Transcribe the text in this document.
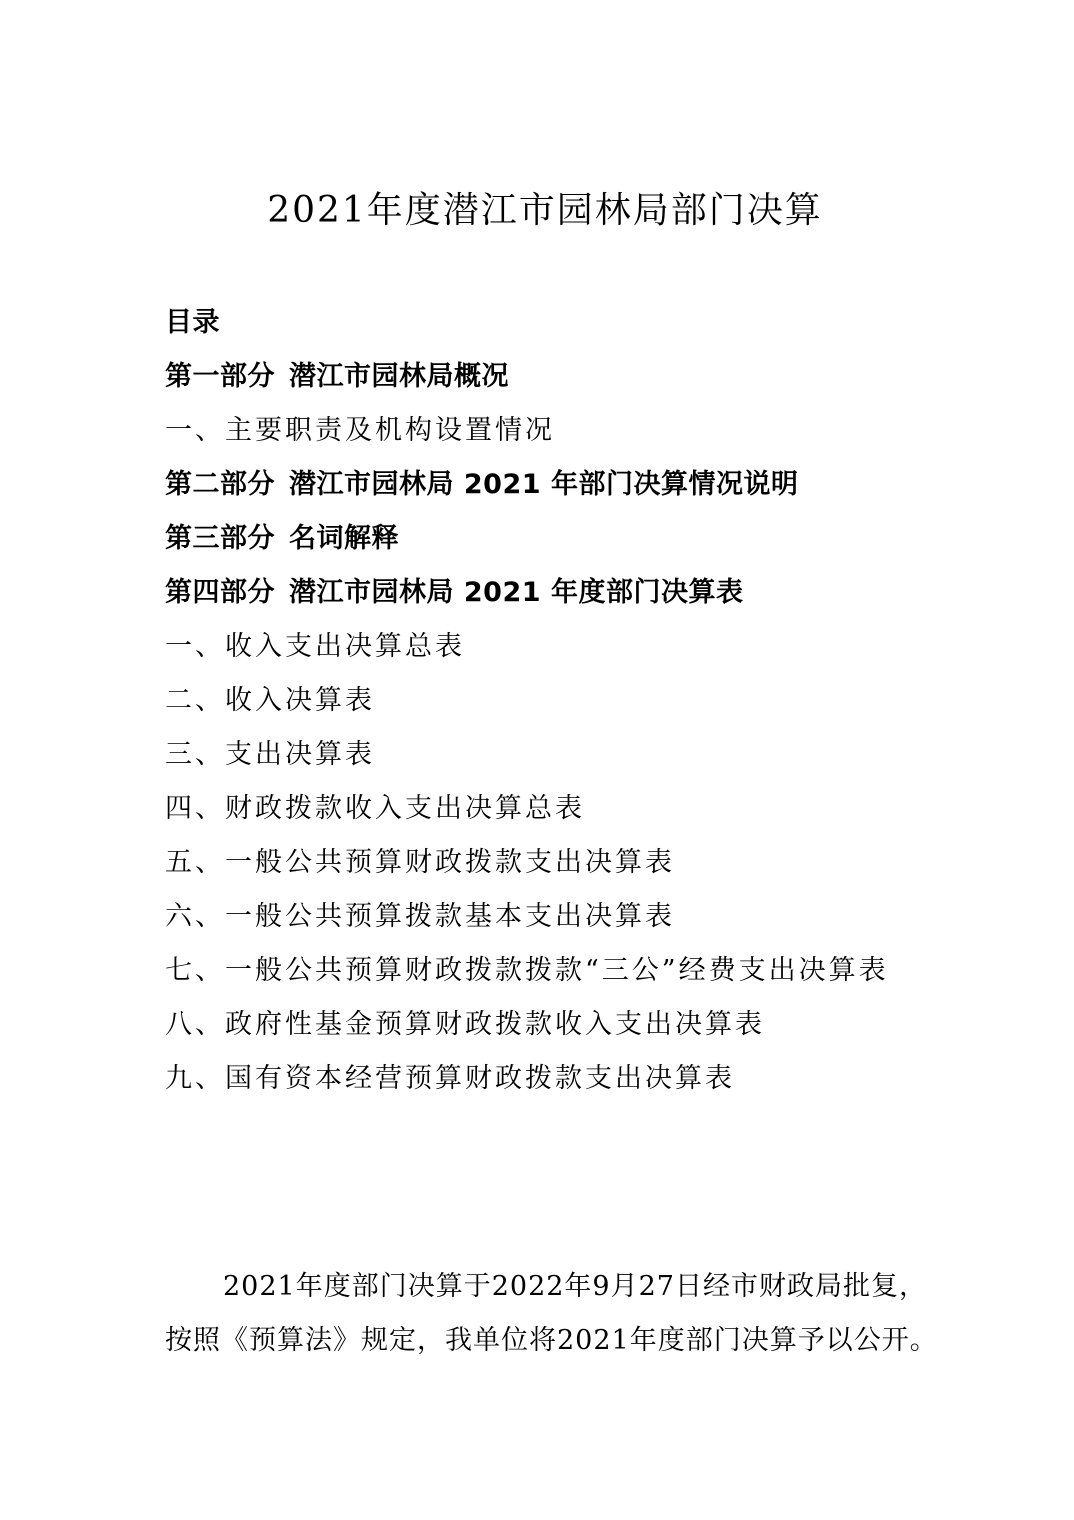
2021年度潜江市园林局部门决算
目录
第一部分 潜江市园林局概况
一、主要职责及机构设置情况
第二部分 潜江市园林局 2021 年部门决算情况说明
第三部分 名词解释
第四部分 潜江市园林局 2021 年度部门决算表
一、收入支出决算总表
二、收入决算表
三、支出决算表
四、财政拨款收入支出决算总表
五、一般公共预算财政拨款支出决算表
六、一般公共预算拨款基本支出决算表
七、一般公共预算财政拨款拨款“三公”经费支出决算表
八、政府性基金预算财政拨款收入支出决算表
九、国有资本经营预算财政拨款支出决算表

2021年度部门决算于2022年9月27日经市财政局批复，

按照《预算法》规定，我单位将2021年度部门决算予以公开。
